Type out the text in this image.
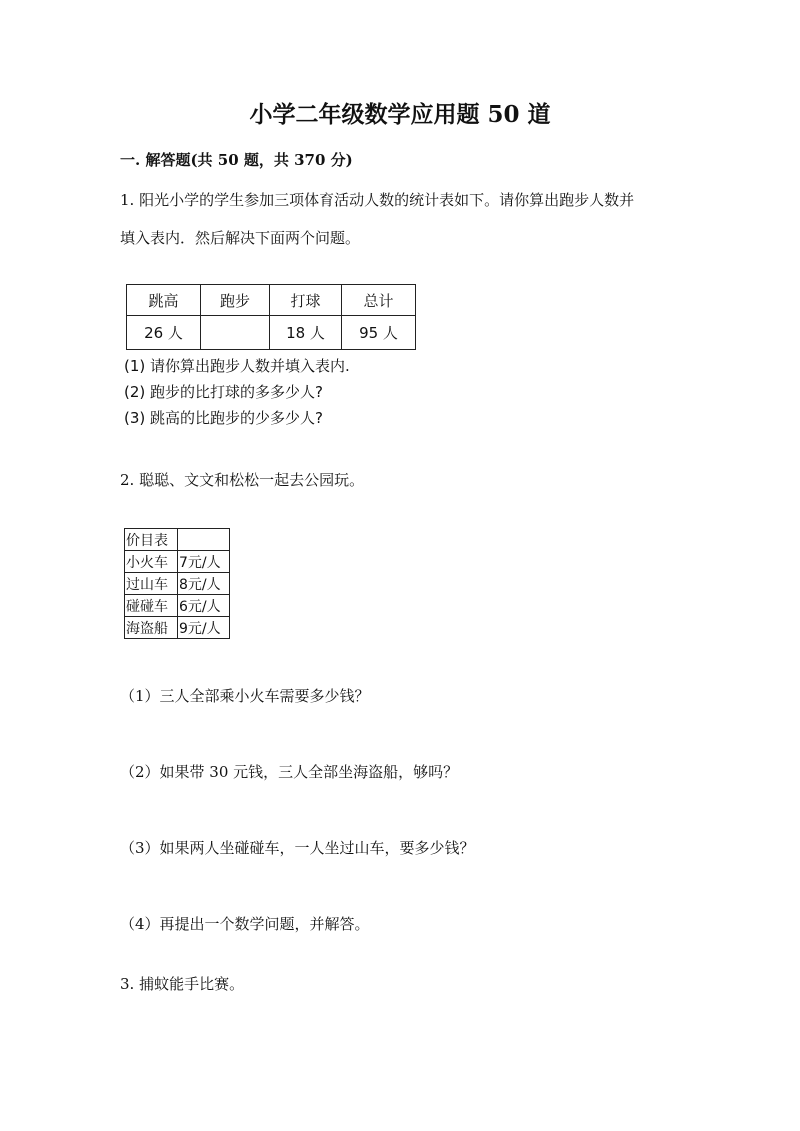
小学二年级数学应用题 50 道
一. 解答题(共 50 题，共 370 分)
1. 阳光小学的学生参加三项体育活动人数的统计表如下。请你算出跑步人数并
填入表内．然后解决下面两个问题。
跳高	跑步	打球	总计
26 人		18 人	95 人
(1) 请你算出跑步人数并填入表内.
(2) 跑步的比打球的多多少人?
(3) 跳高的比跑步的少多少人?
2. 聪聪、文文和松松一起去公园玩。
价目表	
小火车	7元/人
过山车	8元/人
碰碰车	6元/人
海盗船	9元/人
（1）三人全部乘小火车需要多少钱？
（2）如果带 30 元钱，三人全部坐海盗船，够吗？
（3）如果两人坐碰碰车，一人坐过山车，要多少钱？
（4）再提出一个数学问题，并解答。
3. 捕蚊能手比赛。
